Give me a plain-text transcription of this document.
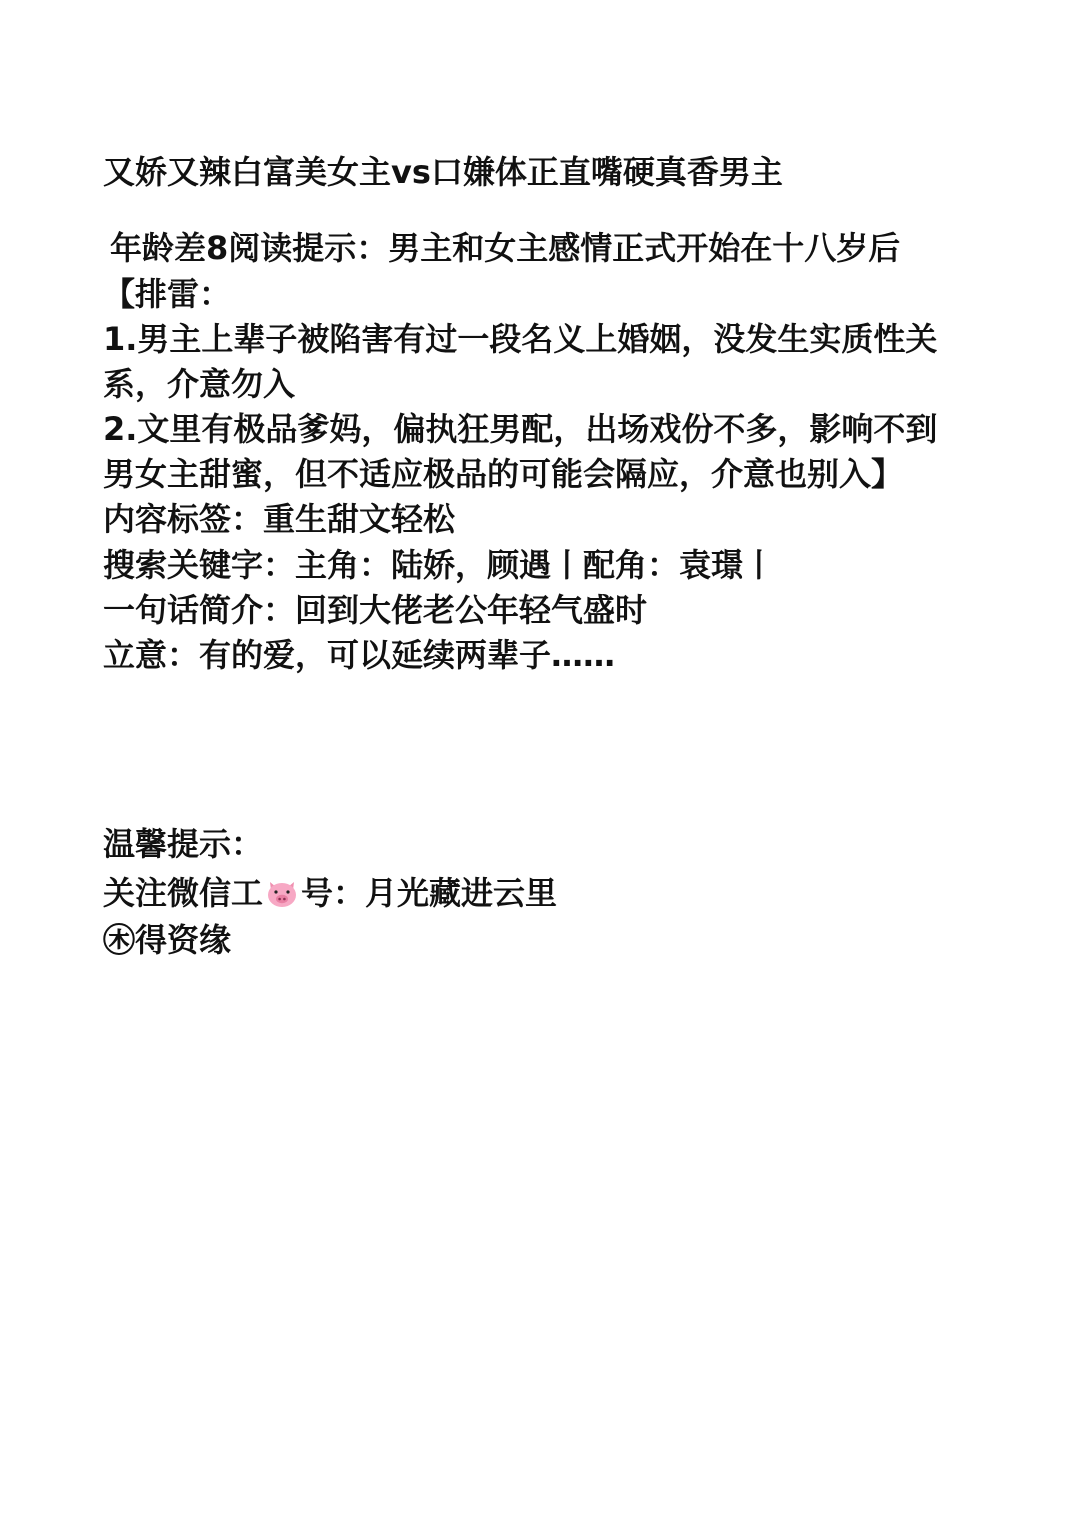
又娇又辣白富美女主vs口嫌体正直嘴硬真香男主
年龄差8阅读提示：男主和女主感情正式开始在十八岁后
【排雷：
1.男主上辈子被陷害有过一段名义上婚姻，没发生实质性关
系，介意勿入
2.文里有极品爹妈，偏执狂男配，出场戏份不多，影响不到
男女主甜蜜，但不适应极品的可能会隔应，介意也别入】
内容标签：重生甜文轻松
搜索关键字：主角：陆娇，顾遇丨配角：袁璟丨
一句话简介：回到大佬老公年轻气盛时
立意：有的爱，可以延续两辈子……
温馨提示：
关注微信工 号：月光藏进云里
㊍得资缘
